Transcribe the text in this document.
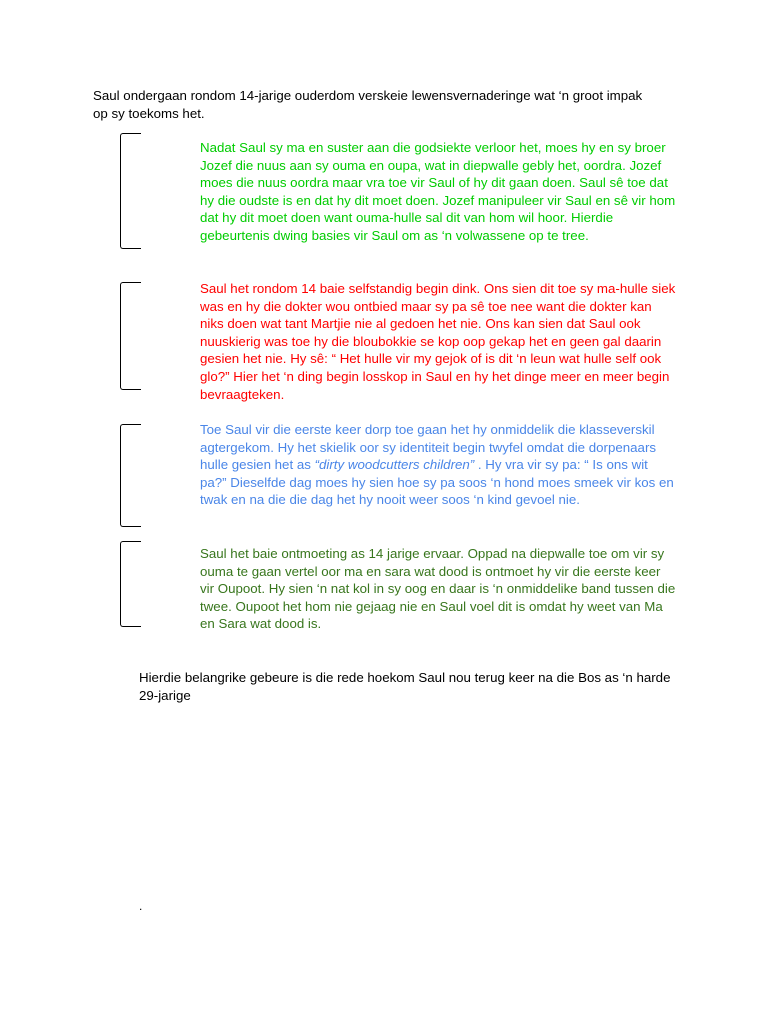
Saul ondergaan rondom 14-jarige ouderdom verskeie lewensvernaderinge wat ‘n groot impak op sy toekoms het.

Nadat Saul sy ma en suster aan die godsiekte verloor het, moes hy en sy broer Jozef die nuus aan sy ouma en oupa, wat in diepwalle gebly het, oordra. Jozef moes die nuus oordra maar vra toe vir Saul of hy dit gaan doen. Saul sê toe dat hy die oudste is en dat hy dit moet doen. Jozef manipuleer vir Saul en sê vir hom dat hy dit moet doen want ouma-hulle sal dit van hom wil hoor. Hierdie gebeurtenis dwing basies vir Saul om as ‘n volwassene op te tree.
Saul het rondom 14 baie selfstandig begin dink. Ons sien dit toe sy ma-hulle siek was en hy die dokter wou ontbied maar sy pa sê toe nee want die dokter kan niks doen wat tant Martjie nie al gedoen het nie. Ons kan sien dat Saul ook nuuskierig was toe hy die bloubokkie se kop oop gekap het en geen gal daarin gesien het nie. Hy sê: “ Het hulle vir my gejok of is dit ‘n leun wat hulle self ook glo?” Hier het ‘n ding begin losskop in Saul en hy het dinge meer en meer begin bevraagteken.
Toe Saul vir die eerste keer dorp toe gaan het hy onmiddelik die klasseverskil agtergekom. Hy het skielik oor sy identiteit begin twyfel omdat die dorpenaars hulle gesien het as “dirty woodcutters children” . Hy vra vir sy pa: “ Is ons wit pa?” Dieselfde dag moes hy sien hoe sy pa soos ‘n hond moes smeek vir kos en twak en na die die dag het hy nooit weer soos ‘n kind gevoel nie.
Saul het baie ontmoeting as 14 jarige ervaar. Oppad na diepwalle toe om vir sy ouma te gaan vertel oor ma en sara wat dood is ontmoet hy vir die eerste keer vir Oupoot. Hy sien ‘n nat kol in sy oog en daar is ‘n onmiddelike band tussen die twee. Oupoot het hom nie gejaag nie en Saul voel dit is omdat hy weet van Ma en Sara wat dood is.

Hierdie belangrike gebeure is die rede hoekom Saul nou terug keer na die Bos as ‘n harde 29-jarige

.
